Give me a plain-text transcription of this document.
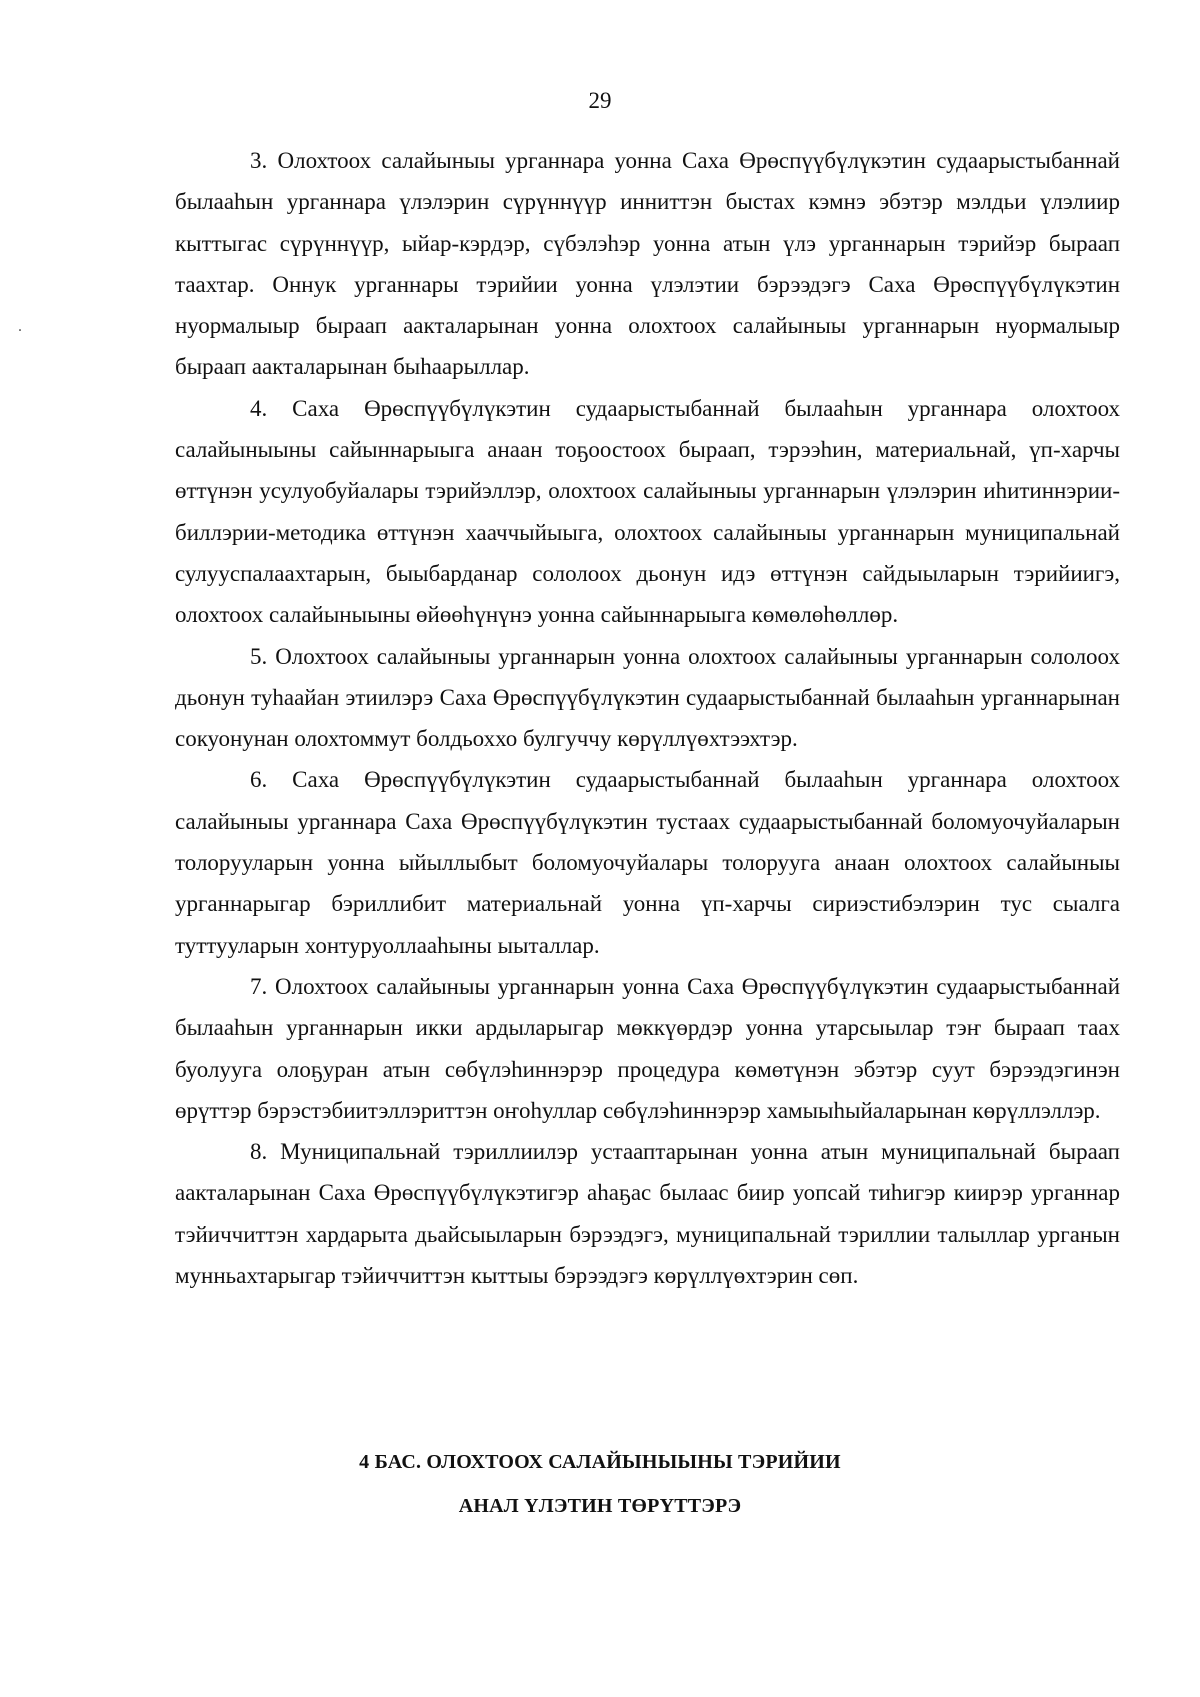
29
.

3. Олохтоох салайыныы урганнара уонна Саха Өрөспүүбүлүкэтин судаарыстыбаннай былааһын урганнара үлэлэрин сүрүннүүр инниттэн быстах кэмнэ эбэтэр мэлдьи үлэлиир кыттыгас сүрүннүүр, ыйар-кэрдэр, сүбэлэһэр уонна атын үлэ урганнарын тэрийэр быраап таахтар. Оннук урганнары тэрийии уонна үлэлэтии бэрээдэгэ Саха Өрөспүүбүлүкэтин нуормалыыр быраап аакталарынан уонна олохтоох салайыныы урганнарын нуормалыыр быраап аакталарынан быһаарыллар.

4. Саха Өрөспүүбүлүкэтин судаарыстыбаннай былааһын урганнара олохтоох салайыныыны сайыннарыыга анаан тоҕоостоох быраап, тэрээһин, материальнай, үп-харчы өттүнэн усулуобуйалары тэрийэллэр, олохтоох салайыныы урганнарын үлэлэрин иһитиннэрии-биллэрии-методика өттүнэн хааччыйыыга, олохтоох салайыныы урганнарын муниципальнай сулууспалаахтарын, быыбарданар сололоох дьонун идэ өттүнэн сайдыыларын тэрийиигэ, олохтоох салайыныыны өйөөһүнүнэ уонна сайыннарыыга көмөлөһөллөр.

5. Олохтоох салайыныы урганнарын уонна олохтоох салайыныы урганнарын сололоох дьонун туһаайан этиилэрэ Саха Өрөспүүбүлүкэтин судаарыстыбаннай былааһын урганнарынан сокуонунан олохтоммут болдьоххо булгуччу көрүллүөхтээхтэр.

6. Саха Өрөспүүбүлүкэтин судаарыстыбаннай былааһын урганнара олохтоох салайыныы урганнара Саха Өрөспүүбүлүкэтин тустаах судаарыстыбаннай боломуочуйаларын толорууларын уонна ыйыллыбыт боломуочуйалары толорууга анаан олохтоох салайыныы урганнарыгар бэриллибит материальнай уонна үп-харчы сириэстибэлэрин тус сыалга туттууларын хонтуруоллааһыны ыыталлар.

7. Олохтоох салайыныы урганнарын уонна Саха Өрөспүүбүлүкэтин судаарыстыбаннай былааһын урганнарын икки ардыларыгар мөккүөрдэр уонна утарсыылар тэҥ быраап таах буолууга олоҕуран атын сөбүлэһиннэрэр процедура көмөтүнэн эбэтэр суут бэрээдэгинэн өрүттэр бэрэстэбиитэллэриттэн оҥоһуллар сөбүлэһиннэрэр хамыыһыйаларынан көрүллэллэр.

8. Муниципальнай тэриллиилэр устааптарынан уонна атын муниципальнай быраап аакталарынан Саха Өрөспүүбүлүкэтигэр аһаҕас былаас биир уопсай тиһигэр киирэр урганнар тэйиччиттэн хардарыта дьайсыыларын бэрээдэгэ, муниципальнай тэриллии талыллар урганын мунньахтарыгар тэйиччиттэн кыттыы бэрээдэгэ көрүллүөхтэрин сөп.

4 БАС. ОЛОХТООХ САЛАЙЫНЫЫНЫ ТЭРИЙИИ
АНАЛ ҮЛЭТИН ТӨРҮТТЭРЭ
